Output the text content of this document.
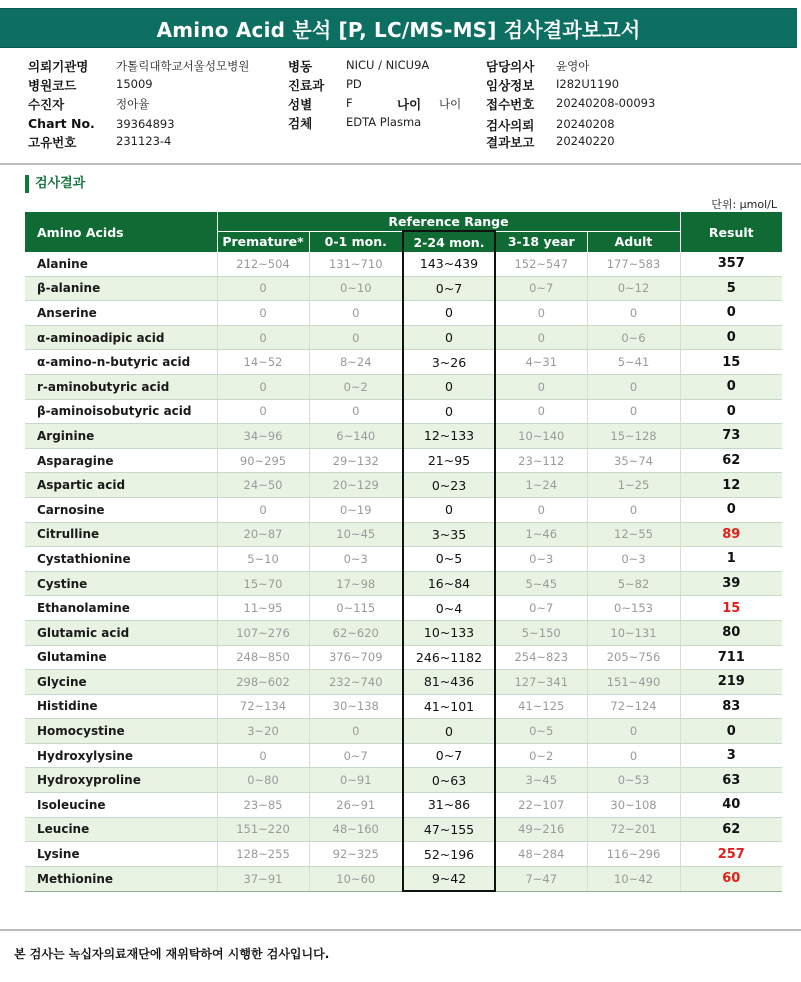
Amino Acid 분석 [P, LC/MS-MS] 검사결과보고서
의뢰기관명 가톨릭대학교서울성모병원
병원코드	15009
수진자	정아율
Chart No. 39364893
고유번호	231123-4
병동	NICU / NICU9A
진료과 PD
성별	F	나이 나이
검체	EDTA Plasma
담당의사 윤영아
임상정보 I282U1190
접수번호 20240208-00093
검사의뢰 20240208
결과보고 20240220
검사결과
단위: μmol/L
Amino Acids	Reference Range					Result
	Premature*	0-1 mon.	2-24 mon.	3-18 year	Adult	
Alanine	212~504	131~710	143~439	152~547	177~583	357
β-alanine	0	0~10	0~7	0~7	0~12	5
Anserine	0	0	0	0	0	0
α-aminoadipic acid	0	0	0	0	0~6	0
α-amino-n-butyric acid	14~52	8~24	3~26	4~31	5~41	15
r-aminobutyric acid	0	0~2	0	0	0	0
β-aminoisobutyric acid	0	0	0	0	0	0
Arginine	34~96	6~140	12~133	10~140	15~128	73
Asparagine	90~295	29~132	21~95	23~112	35~74	62
Aspartic acid	24~50	20~129	0~23	1~24	1~25	12
Carnosine	0	0~19	0	0	0	0
Citrulline	20~87	10~45	3~35	1~46	12~55	89
Cystathionine	5~10	0~3	0~5	0~3	0~3	1
Cystine	15~70	17~98	16~84	5~45	5~82	39
Ethanolamine	11~95	0~115	0~4	0~7	0~153	15
Glutamic acid	107~276	62~620	10~133	5~150	10~131	80
Glutamine	248~850	376~709	246~1182	254~823	205~756	711
Glycine	298~602	232~740	81~436	127~341	151~490	219
Histidine	72~134	30~138	41~101	41~125	72~124	83
Homocystine	3~20	0	0	0~5	0	0
Hydroxylysine	0	0~7	0~7	0~2	0	3
Hydroxyproline	0~80	0~91	0~63	3~45	0~53	63
Isoleucine	23~85	26~91	31~86	22~107	30~108	40
Leucine	151~220	48~160	47~155	49~216	72~201	62
Lysine	128~255	92~325	52~196	48~284	116~296	257
Methionine	37~91	10~60	9~42	7~47	10~42	60
본 검사는 녹십자의료재단에 재위탁하여 시행한 검사입니다.
